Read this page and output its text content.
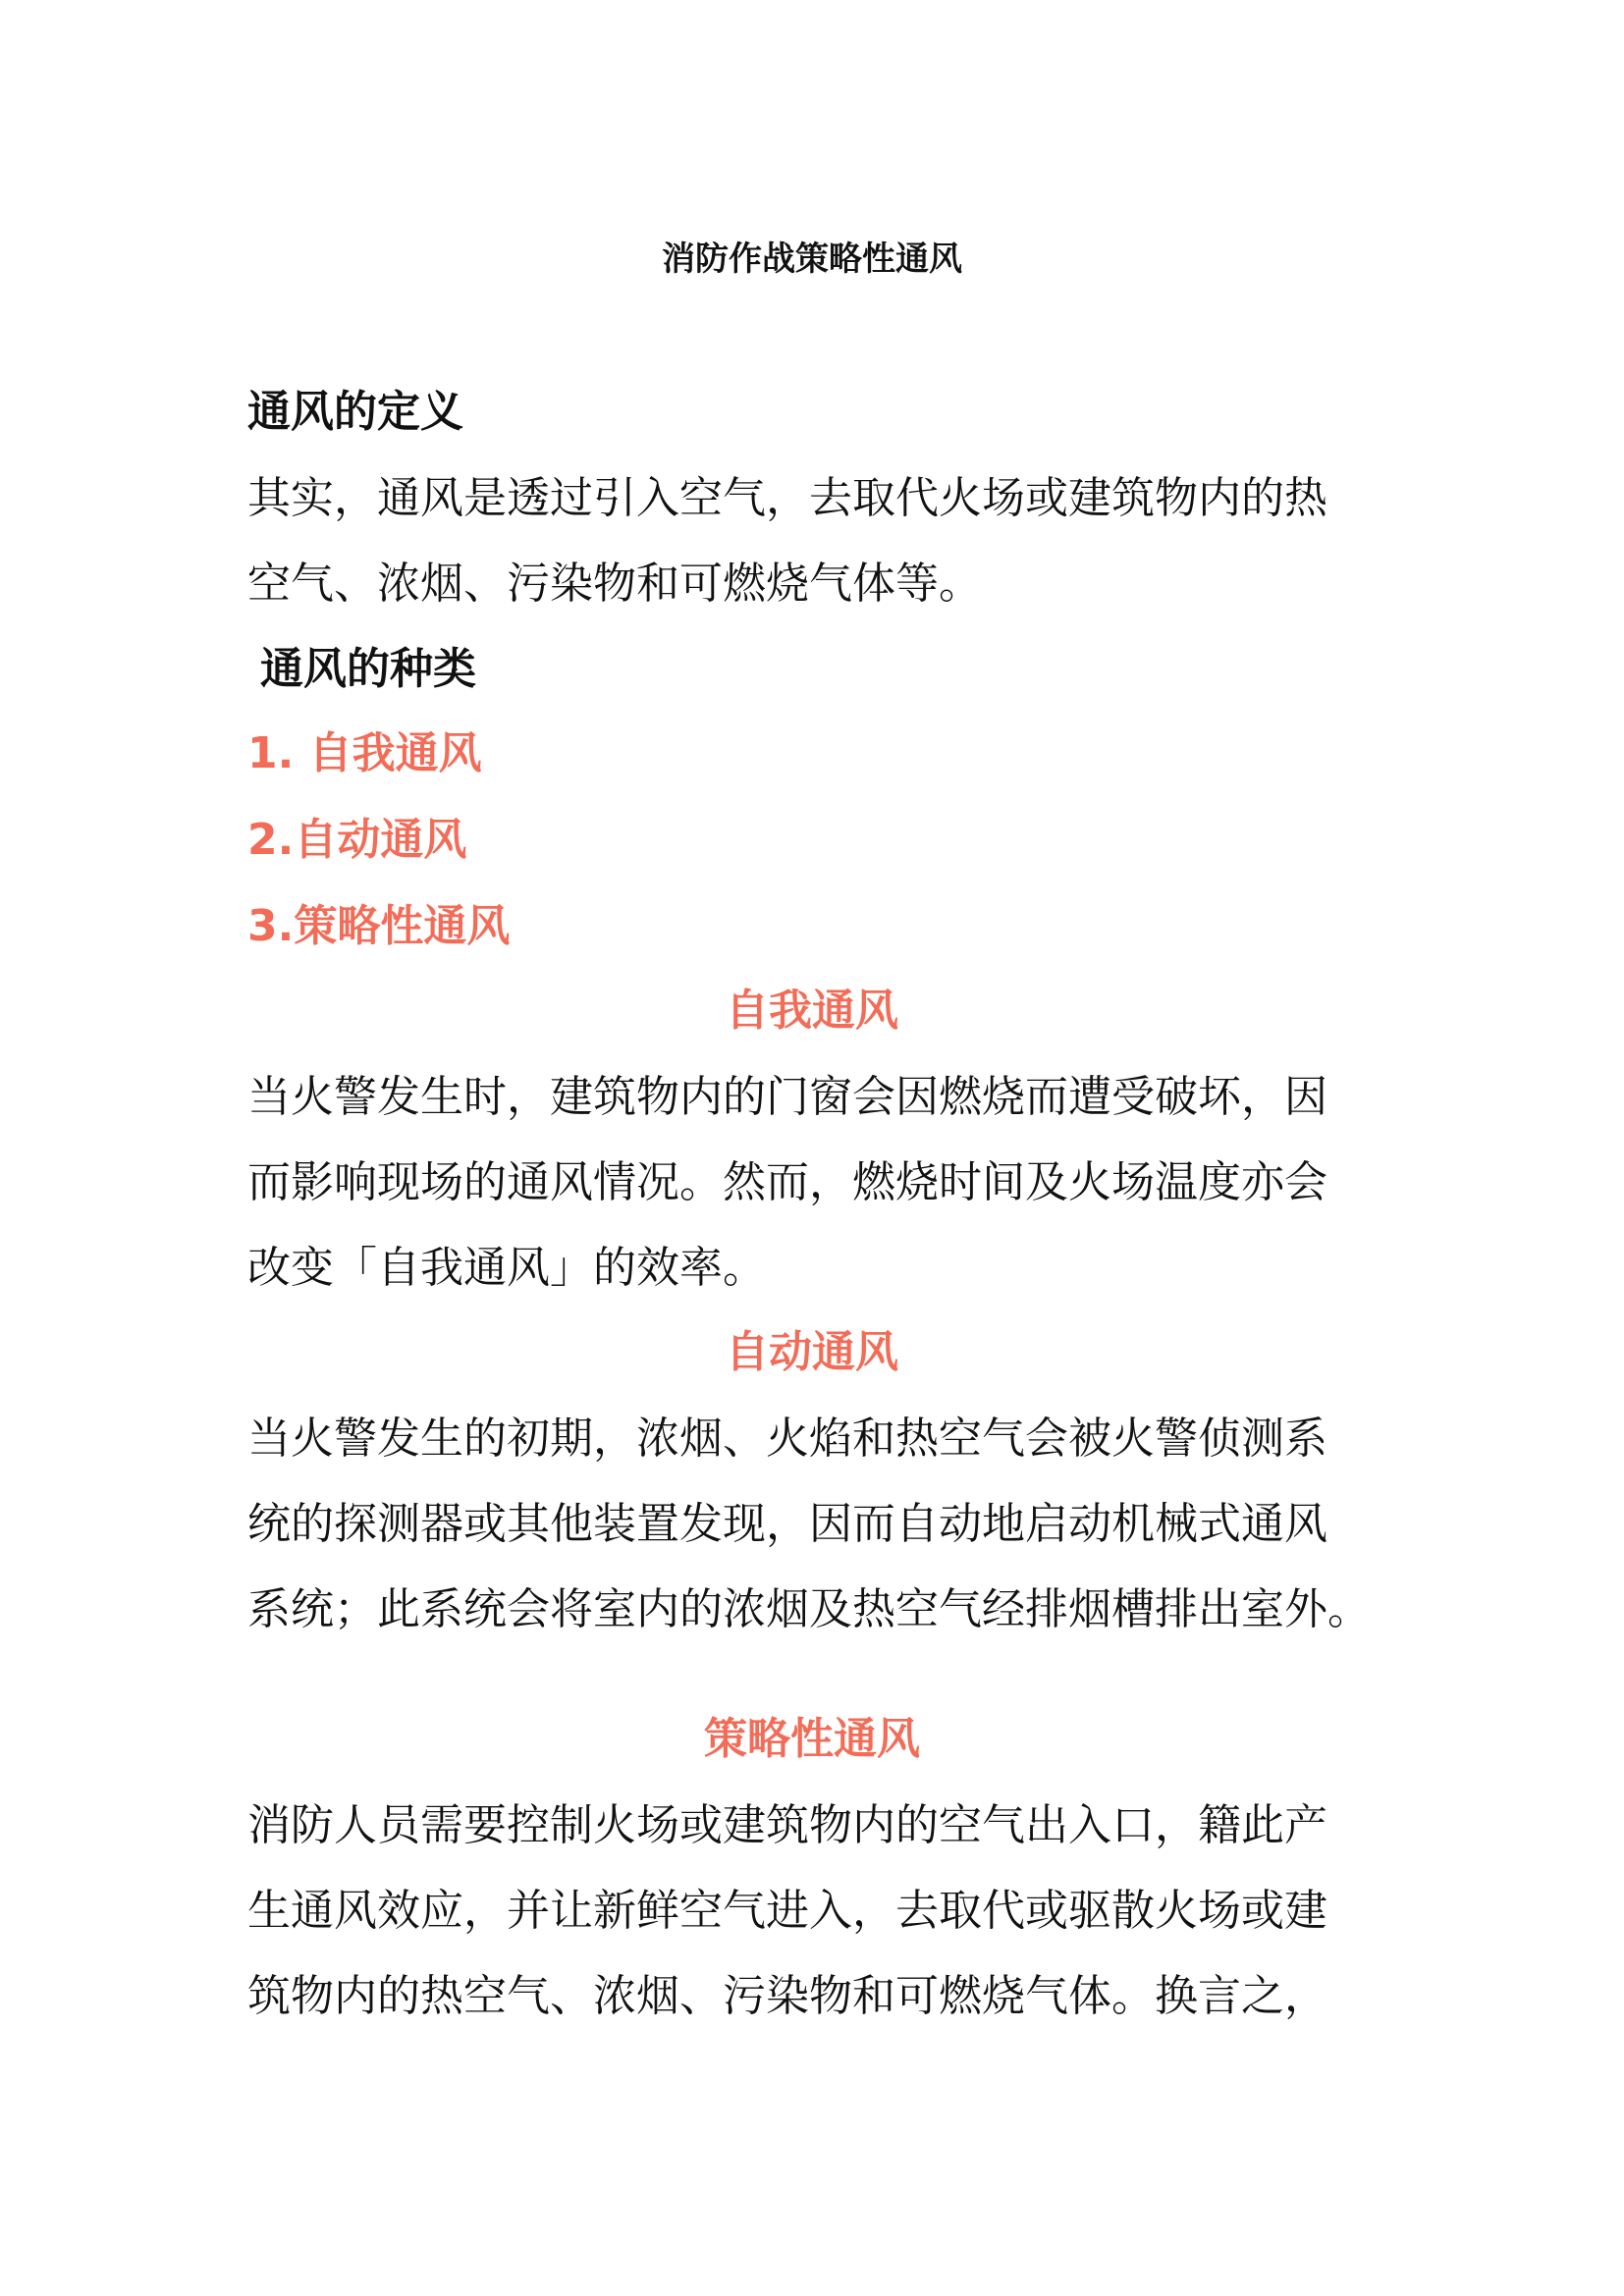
消防作战策略性通风
通风的定义
其实，通风是透过引入空气，去取代火场或建筑物内的热
空气、浓烟、污染物和可燃烧气体等。
通风的种类
1. 自我通风
2.自动通风
3.策略性通风
自我通风
当火警发生时，建筑物内的门窗会因燃烧而遭受破坏，因
而影响现场的通风情况。然而，燃烧时间及火场温度亦会
改变「自我通风」的效率。
自动通风
当火警发生的初期，浓烟、火焰和热空气会被火警侦测系
统的探测器或其他装置发现，因而自动地启动机械式通风
系统；此系统会将室内的浓烟及热空气经排烟槽排出室外。
策略性通风
消防人员需要控制火场或建筑物内的空气出入口，籍此产
生通风效应，并让新鲜空气进入，去取代或驱散火场或建
筑物内的热空气、浓烟、污染物和可燃烧气体。换言之，
